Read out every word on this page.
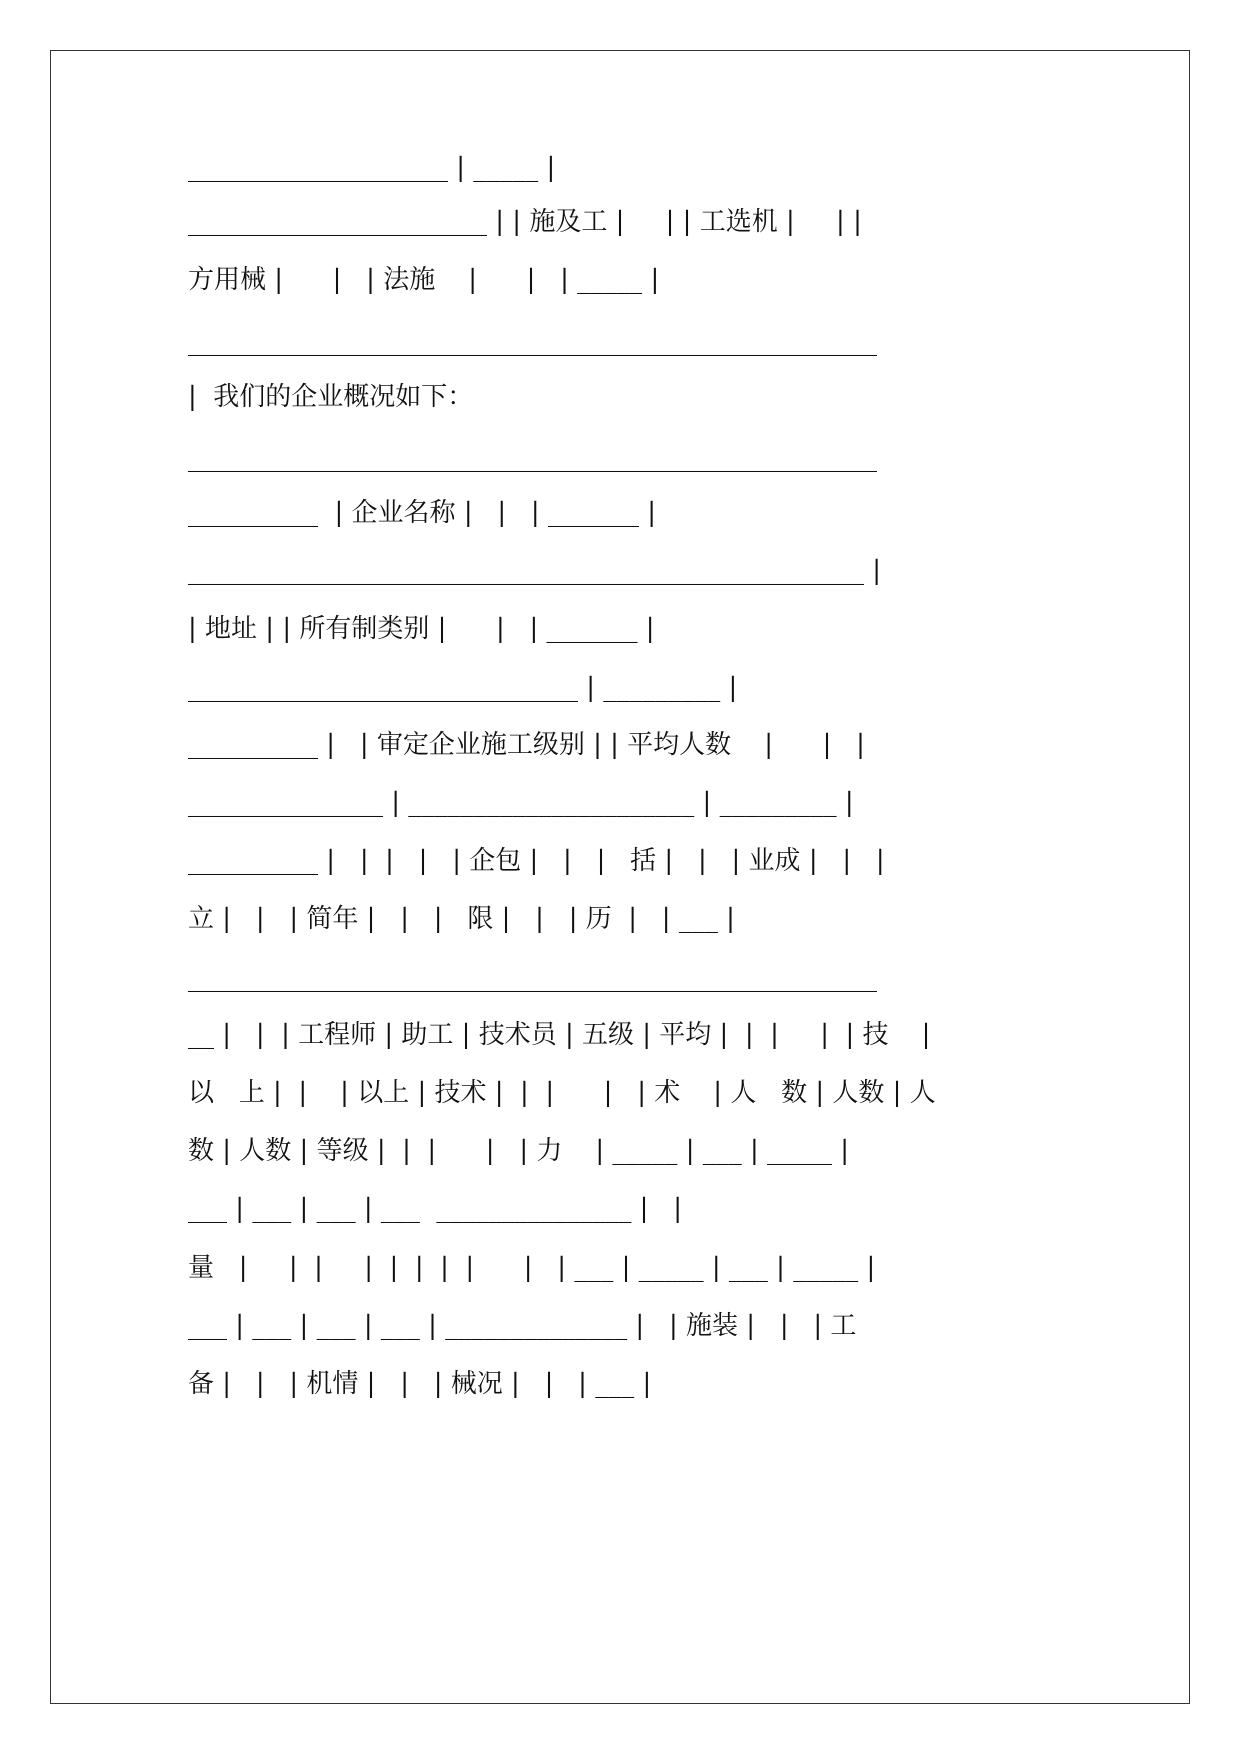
____________________ | _____ |
_______________________ | | 施及工 |     | | 工选机 |     | |
方用械 |      |   | 法施    |      |   | _____ |
_____________________________________________________
|  我们的企业概况如下：
_____________________________________________________
__________  | 企业名称 |   |   | _______ |
____________________________________________________ |
| 地址 | | 所有制类别 |      |   | _______ |
______________________________ | _________ |
__________ |   | 审定企业施工级别 | | 平均人数    |      |   |
_______________ | ______________________ | _________ |
__________ |   |  |   |   | 企包 |   |   |   括 |   |   | 业成 |   |   |
立 |   |   | 简年 |   |   |   限 |   |   | 历  |   | ___ |
_____________________________________________________
__ |   |  | 工程师 | 助工 | 技术员 | 五级 | 平均 |  |  |     |  | 技    |
以   上 |  |    | 以上 | 技术 |  |  |      |   | 术    | 人   数 | 人数 | 人
数 | 人数 | 等级 |  |  |      |   | 力    | _____ | ___ | _____ |
___ | ___ | ___ | ___  _______________ |   |
量   |     |  |     |  |  |  |  |      |   | ___ | _____ | ___ | _____ |
___ | ___ | ___ | ___ | ______________ |   | 施装 |   |   | 工
备 |   |   | 机情 |   |   | 械况 |   |   | ___ |
